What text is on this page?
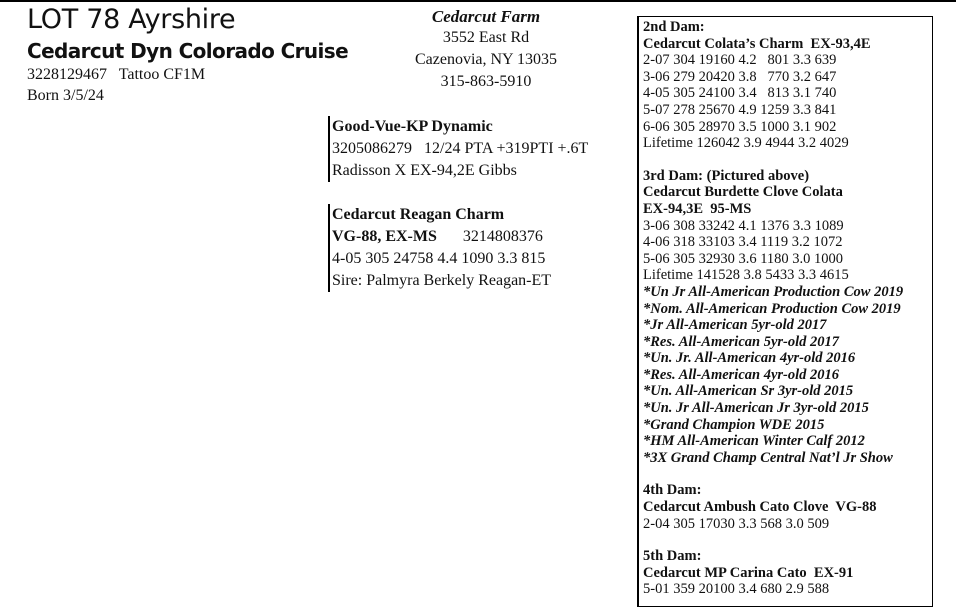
LOT 78 Ayrshire
Cedarcut Dyn Colorado Cruise
3228129467   Tattoo CF1M
Born 3/5/24
Cedarcut Farm
3552 East Rd
Cazenovia, NY 13035
315-863-5910
Good-Vue-KP Dynamic
3205086279   12/24 PTA +319PTI +.6T
Radisson X EX-94,2E Gibbs
Cedarcut Reagan Charm
VG-88, EX-MS 3214808376
4-05 305 24758 4.4 1090 3.3 815
Sire: Palmyra Berkely Reagan-ET
2nd Dam:
Cedarcut Colata’s Charm  EX-93,4E
2-07 304 19160 4.2   801 3.3 639
3-06 279 20420 3.8   770 3.2 647
4-05 305 24100 3.4   813 3.1 740
5-07 278 25670 4.9 1259 3.3 841
6-06 305 28970 3.5 1000 3.1 902
Lifetime 126042 3.9 4944 3.2 4029
3rd Dam: (Pictured above)
Cedarcut Burdette Clove Colata
EX-94,3E  95-MS
3-06 308 33242 4.1 1376 3.3 1089
4-06 318 33103 3.4 1119 3.2 1072
5-06 305 32930 3.6 1180 3.0 1000
Lifetime 141528 3.8 5433 3.3 4615
*Un Jr All-American Production Cow 2019
*Nom. All-American Production Cow 2019
*Jr All-American 5yr-old 2017
*Res. All-American 5yr-old 2017
*Un. Jr. All-American 4yr-old 2016
*Res. All-American 4yr-old 2016
*Un. All-American Sr 3yr-old 2015
*Un. Jr All-American Jr 3yr-old 2015
*Grand Champion WDE 2015
*HM All-American Winter Calf 2012
*3X Grand Champ Central Nat’l Jr Show
4th Dam:
Cedarcut Ambush Cato Clove  VG-88
2-04 305 17030 3.3 568 3.0 509
5th Dam:
Cedarcut MP Carina Cato  EX-91
5-01 359 20100 3.4 680 2.9 588
